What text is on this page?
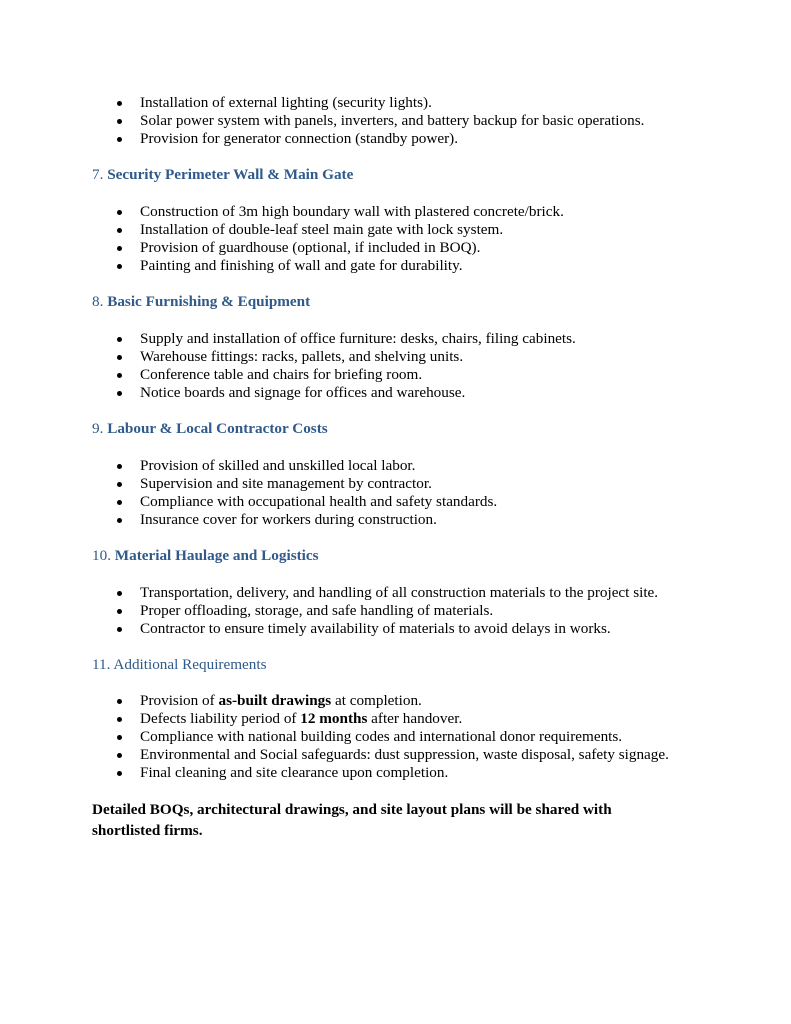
Installation of external lighting (security lights).
Solar power system with panels, inverters, and battery backup for basic operations.
Provision for generator connection (standby power).
7. Security Perimeter Wall & Main Gate
Construction of 3m high boundary wall with plastered concrete/brick.
Installation of double-leaf steel main gate with lock system.
Provision of guardhouse (optional, if included in BOQ).
Painting and finishing of wall and gate for durability.
8. Basic Furnishing & Equipment
Supply and installation of office furniture: desks, chairs, filing cabinets.
Warehouse fittings: racks, pallets, and shelving units.
Conference table and chairs for briefing room.
Notice boards and signage for offices and warehouse.
9. Labour & Local Contractor Costs
Provision of skilled and unskilled local labor.
Supervision and site management by contractor.
Compliance with occupational health and safety standards.
Insurance cover for workers during construction.
10. Material Haulage and Logistics
Transportation, delivery, and handling of all construction materials to the project site.
Proper offloading, storage, and safe handling of materials.
Contractor to ensure timely availability of materials to avoid delays in works.
11. Additional Requirements
Provision of as-built drawings at completion.
Defects liability period of 12 months after handover.
Compliance with national building codes and international donor requirements.
Environmental and Social safeguards: dust suppression, waste disposal, safety signage.
Final cleaning and site clearance upon completion.
Detailed BOQs, architectural drawings, and site layout plans will be shared with shortlisted firms.
